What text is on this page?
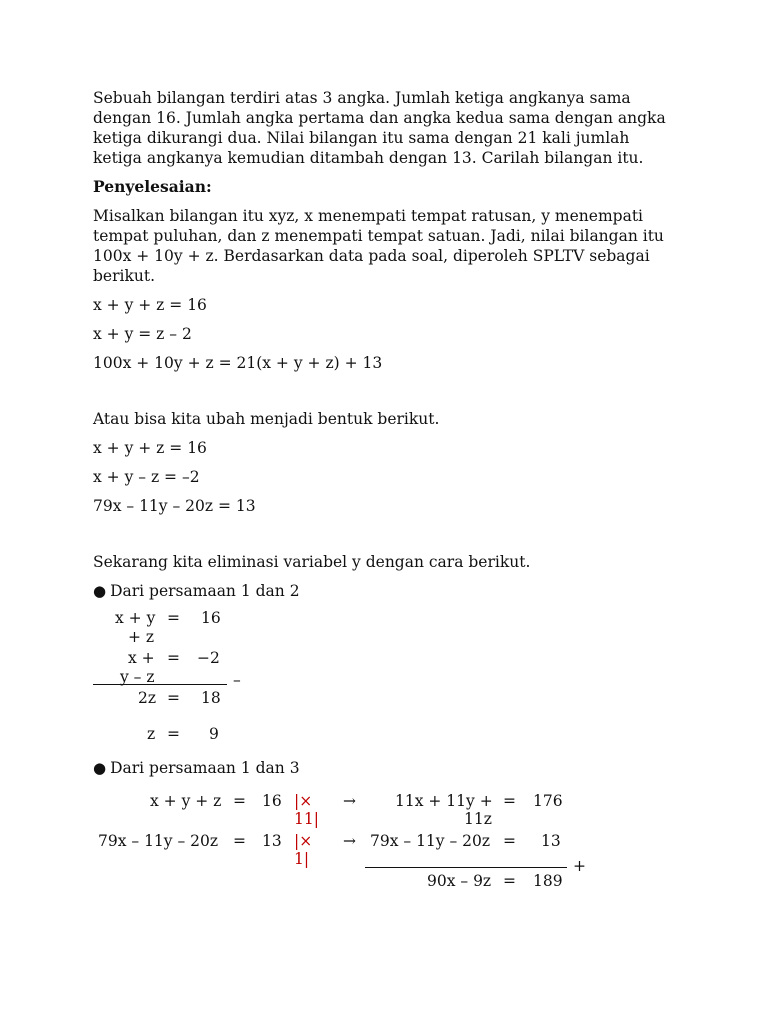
Sebuah bilangan terdiri atas 3 angka. Jumlah ketiga angkanya sama dengan 16. Jumlah angka pertama dan angka kedua sama dengan angka ketiga dikurangi dua. Nilai bilangan itu sama dengan 21 kali jumlah ketiga angkanya kemudian ditambah dengan 13. Carilah bilangan itu.

Penyelesaian:

Misalkan bilangan itu xyz, x menempati tempat ratusan, y menempati tempat puluhan, dan z menempati tempat satuan. Jadi, nilai bilangan itu 100x + 10y + z. Berdasarkan data pada soal, diperoleh SPLTV sebagai berikut.

x + y + z = 16
x + y = z – 2
100x + 10y + z = 21(x + y + z) + 13

Atau bisa kita ubah menjadi bentuk berikut.

x + y + z = 16
x + y – z = –2
79x – 11y – 20z = 13

Sekarang kita eliminasi variabel y dengan cara berikut.

● Dari persamaan 1 dan 2
x + y = 16
+ z
x + = −2
y – z	–
2z = 18
z = 9
● Dari persamaan 1 dan 3
x + y + z = 16 |×
11|
→	11x + 11y +
11z
= 176
79x – 11y – 20z = 13 |×
1|
→ 79x – 11y – 20z = 13
+
90x – 9z = 189
